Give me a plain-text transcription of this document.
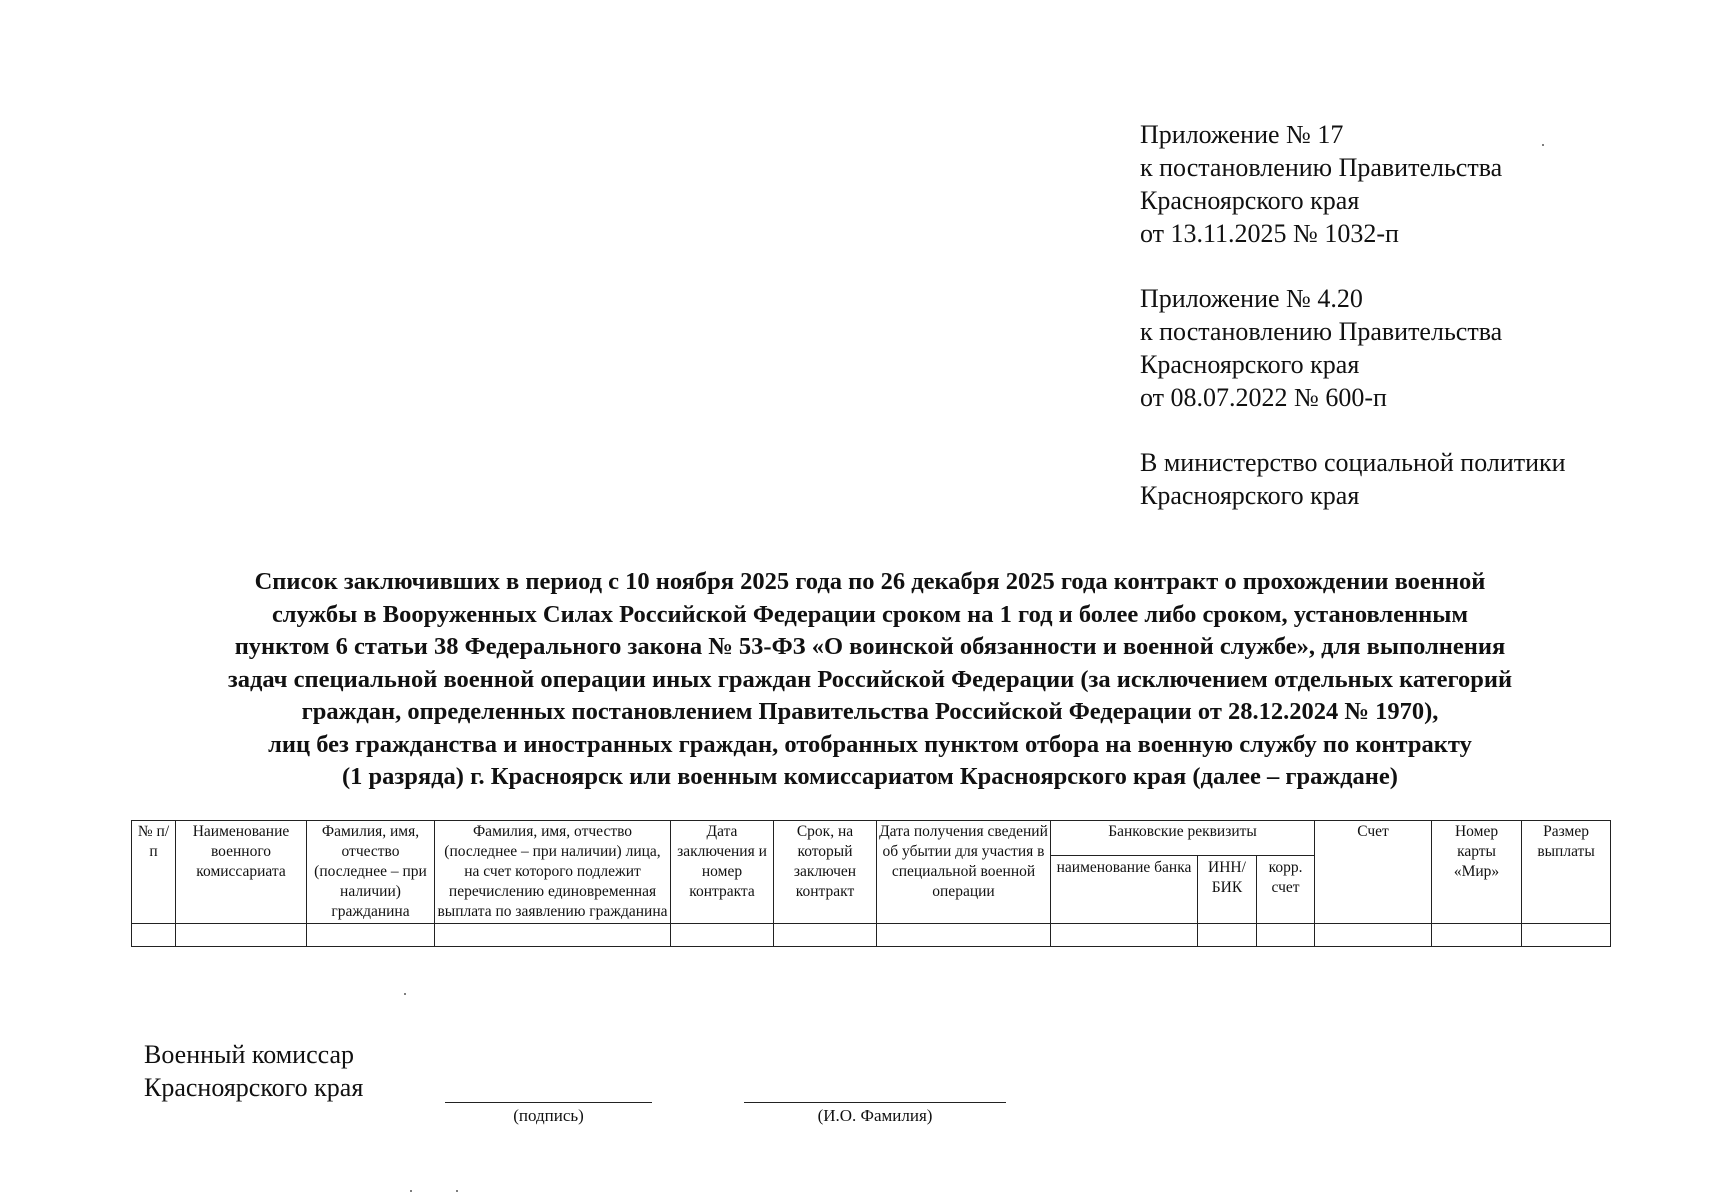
Приложение № 17
к постановлению Правительства
Красноярского края
от 13.11.2025 № 1032-п
Приложение № 4.20
к постановлению Правительства
Красноярского края
от 08.07.2022 № 600-п
В министерство социальной политики
Красноярского края
Список заключивших в период с 10 ноября 2025 года по 26 декабря 2025 года контракт о прохождении военной
службы в Вооруженных Силах Российской Федерации сроком на 1 год и более либо сроком, установленным
пунктом 6 статьи 38 Федерального закона № 53-ФЗ «О воинской обязанности и военной службе», для выполнения
задач специальной военной операции иных граждан Российской Федерации (за исключением отдельных категорий
граждан, определенных постановлением Правительства Российской Федерации от 28.12.2024 № 1970),
лиц без гражданства и иностранных граждан, отобранных пунктом отбора на военную службу по контракту
(1 разряда) г. Красноярск или военным комиссариатом Красноярского края (далее – граждане)
№ п/п	Наименование военного комиссариата	Фамилия, имя, отчество (последнее – при наличии) гражданина	Фамилия, имя, отчество (последнее – при наличии) лица, на счет которого подлежит перечислению единовременная выплата по заявлению гражданина	Дата заключения и номер контракта	Срок, на который заключен контракт	Дата получения сведений об убытии для участия в специальной военной операции	Банковские реквизиты			Счет	Номер карты «Мир»	Размер выплаты
							наименование банка	ИНН/ БИК	корр. счет			

Военный комиссар
Красноярского края
(подпись)	(И.О. Фамилия)
